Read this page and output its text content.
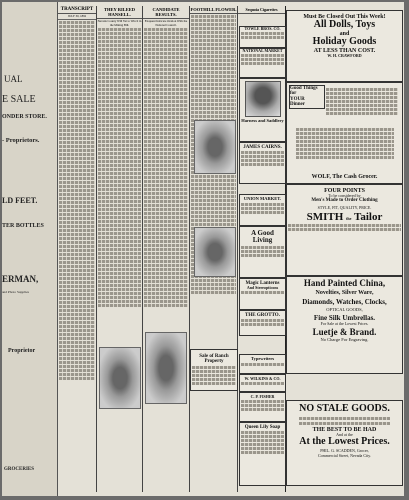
UAL
E SALE
ONDER STORE.
- Proprietors.
LD FEET.
TER BOTTLES
ERMAN,
and Photo Supplies
Proprietor
GROCERIES
TRANSCRIPT
JULY 30, 1892
THEY RILEED HANSELL.
Nevada County Will Yet to Win It in the Mining Bill.
CANDIDATE RESULTS.
Eloquent Intricate Oration With the National Council.
FOOTHILL FLOWER.
Sale of Ranch Property
Sequoia Cigarettes
TOWLE BROS. CO.
NATIONAL MARKET
Harness and Saddlery
JAMES CAIRNS.
UNION MARKET.
A Good
Living
Magic Lanterns
And Stereopticons
THE GROTTO.
Typewriters
W. WILKINS & CO.
C. P. FISHER
Queen Lily Soap
Must Be Closed Out This Week!
All Dolls, Toys
and
Holiday Goods
AT LESS THAN COST.
W. H. CRAWFORD
Good Things for
YOUR
Dinner
WOLF, The Cash Grocer.
FOUR POINTS
To be considered by
Men's Made to Order Clothing
STYLE, FIT, QUALITY, PRICE.
SMITH the Tailor
Hand Painted China,
Novelties, Silver Ware,
Diamonds, Watches, Clocks,
OPTICAL GOODS,
Fine Silk Umbrellas.
For Sale at the Lowest Prices.
Luetje & Brand.
No Charge For Engraving.
NO STALE GOODS.
THE BEST TO BE HAD
And at the
At the Lowest Prices.
PHIL. G. SCADDEN, Grocer,
Commercial Street, Nevada City.
